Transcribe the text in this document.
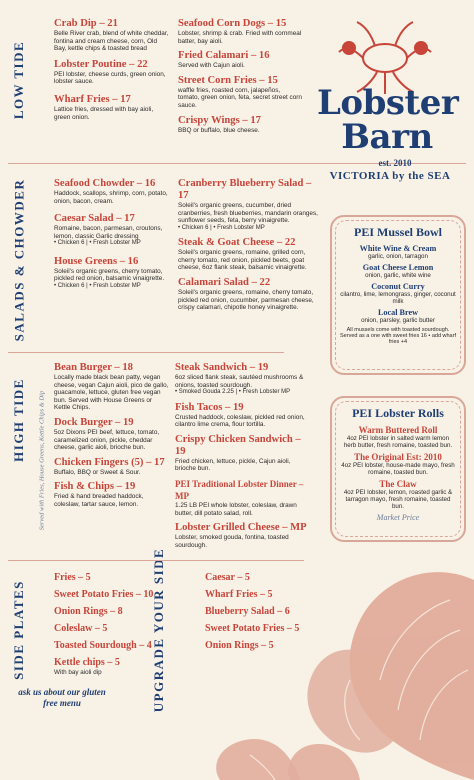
LOW TIDE
SALADS & CHOWDER
HIGH TIDE Served with Fries, House Greens, Kettle Chips & Dip
SIDE PLATES	UPGRADE YOUR SIDE
Crab Dip – 21
Belle River crab, blend of white cheddar, fontina and cream cheese, corn, Old Bay, kettle chips & toasted bread
Lobster Poutine – 22
PEI lobster, cheese curds, green onion, lobster sauce.
Wharf Fries – 17
Lattice fries, dressed with bay aioli, green onion.
Seafood Corn Dogs – 15
Lobster, shrimp & crab. Fried with cornmeal batter, bay aioli.
Fried Calamari – 16
Served with Cajun aioli.
Street Corn Fries – 15
waffle fries, roasted corn, jalapeños, tomato, green onion, feta, secret street corn sauce.
Crispy Wings – 17
BBQ or buffalo, blue cheese.
Lobster
Barn
est. 2010
VICTORIA by the SEA
Seafood Chowder – 16
Haddock, scallops, shrimp, corn, potato, onion, bacon, cream.
Caesar Salad – 17
Romaine, bacon, parmesan, croutons, lemon, classic Garlic dressing
• Chicken 6 | • Fresh Lobster MP
House Greens – 16
Soleil's organic greens, cherry tomato, pickled red onion, balsamic vinaigrette.
• Chicken 6 | • Fresh Lobster MP
Cranberry Blueberry Salad – 17
Soleil's organic greens, cucumber, dried cranberries, fresh blueberries, mandarin oranges, sunflower seeds, feta, berry vinaigrette.
• Chicken 6 | • Fresh Lobster MP
Steak & Goat Cheese – 22
Soleil's organic greens, romaine, grilled corn, cherry tomato, red onion, pickled beets, goat cheese, 6oz flank steak, balsamic vinaigrette.
Calamari Salad – 22
Soleil's organic greens, romaine, cherry tomato, pickled red onion, cucumber, parmesan cheese, crispy calamari, chipotle honey vinaigrette.
PEI Mussel Bowl
White Wine & Cream
garlic, onion, tarragon
Goat Cheese Lemon
onion, garlic, white wine
Coconut Curry
cilantro, lime, lemongrass, ginger, coconut milk
Local Brew
onion, parsley, garlic butter
All mussels come with toasted sourdough. Served as a one with sweet fries 16 • add wharf fries +4
Bean Burger – 18
Locally made black bean patty, vegan cheese, vegan Cajun aioli, pico de gallo, guacamole, lettuce, gluten free vegan bun. Served with House Greens or Kettle Chips.
Dock Burger – 19
5oz Dixons PEI beef, lettuce, tomato, caramelized onion, pickle, cheddar cheese, garlic aioli, brioche bun.
Chicken Fingers (5) – 17
Buffalo, BBQ or Sweet & Sour.
Fish & Chips – 19
Fried & hand breaded haddock, coleslaw, tartar sauce, lemon.
Steak Sandwich – 19
6oz sliced flank steak, sautéed mushrooms & onions, toasted sourdough.
• Smoked Gouda 2.25 | • Fresh Lobster MP
Fish Tacos – 19
Crusted haddock, coleslaw, pickled red onion, cilantro lime crema, flour tortilla.
Crispy Chicken Sandwich – 19
Fried chicken, lettuce, pickle, Cajun aioli, brioche bun.
PEI Traditional Lobster Dinner – MP
1.25 LB PEI whole lobster, coleslaw, drawn butter, dill potato salad, roll.
Lobster Grilled Cheese – MP
Lobster, smoked gouda, fontina, toasted sourdough.
PEI Lobster Rolls
Warm Buttered Roll
4oz PEI lobster in salted warm lemon herb butter, fresh romaine, toasted bun.
The Original Est: 2010
4oz PEI lobster, house-made mayo, fresh romaine, toasted bun.
The Claw
4oz PEI lobster, lemon, roasted garlic & tarragon mayo, fresh romaine, toasted bun.
Market Price
Fries – 5
Sweet Potato Fries – 10
Onion Rings – 8
Coleslaw – 5
Toasted Sourdough – 4
Kettle chips – 5
With bay aioli dip
Caesar – 5
Wharf Fries – 5
Blueberry Salad – 6
Sweet Potato Fries – 5
Onion Rings – 5
ask us about our gluten free menu
